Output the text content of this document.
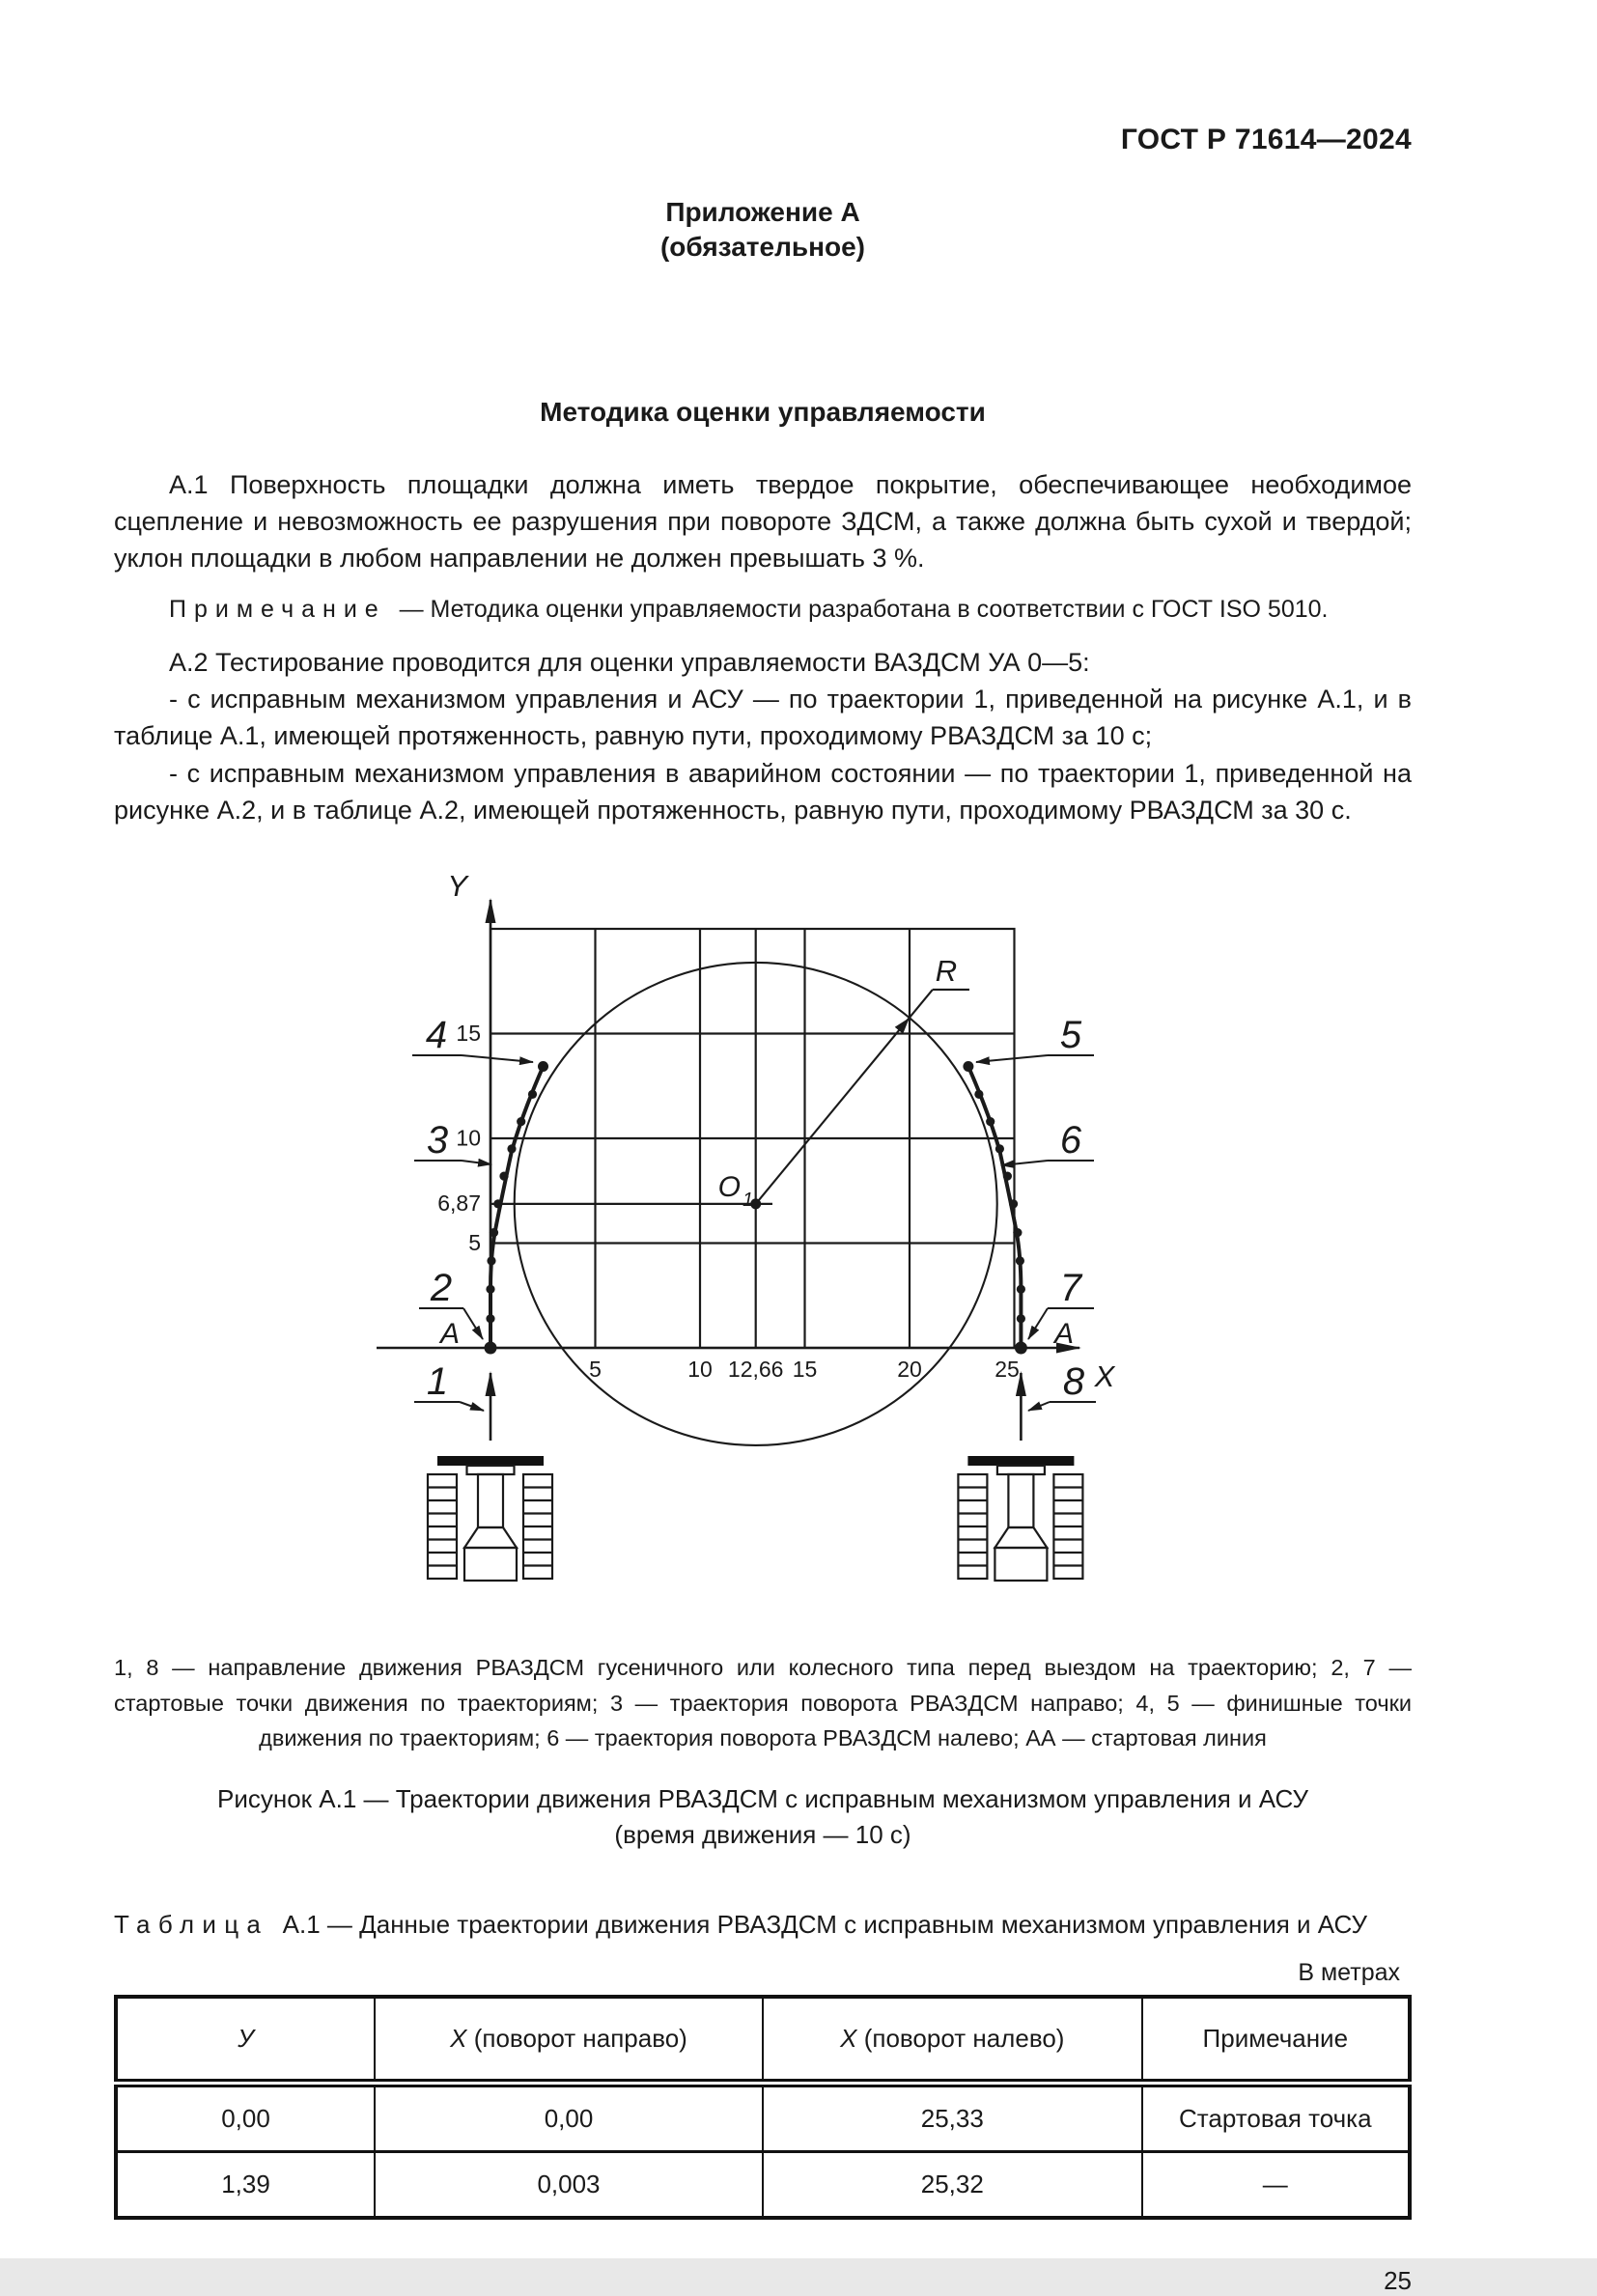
ГОСТ Р 71614—2024
Приложение А
(обязательное)
Методика оценки управляемости

А.1 Поверхность площадки должна иметь твердое покрытие, обеспечивающее необходимое сцепление и невозможность ее разрушения при повороте ЗДСМ, а также должна быть сухой и твердой; уклон площадки в любом направлении не должен превышать 3 %.

Примечание — Методика оценки управляемости разработана в соответствии с ГОСТ ISO 5010.

А.2 Тестирование проводится для оценки управляемости ВАЗДСМ УА 0—5:

- с исправным механизмом управления и АСУ — по траектории 1, приведенной на рисунке А.1, и в таблице А.1, имеющей протяженность, равную пути, проходимому РВАЗДСМ за 10 с;

- с исправным механизмом управления в аварийном состоянии — по траектории 1, приведенной на рисунке А.2, и в таблице А.2, имеющей протяженность, равную пути, проходимому РВАЗДСМ за 30 с.

Y
X
R
O 1
15
10
6,87
5
5	10 12,66 15	20	25
А	А
4
3
2
1
5
6
7
8

1, 8 — направление движения РВАЗДСМ гусеничного или колесного типа перед выездом на траекторию; 2, 7 — стартовые точки движения по траекториям; 3 — траектория поворота РВАЗДСМ направо; 4, 5 — финишные точки движения по траекториям; 6 — траектория поворота РВАЗДСМ налево; АА — стартовая линия

Рисунок А.1 — Траектории движения РВАЗДСМ с исправным механизмом управления и АСУ
(время движения — 10 с)

Таблица А.1 — Данные траектории движения РВАЗДСМ с исправным механизмом управления и АСУ

В метрах
У	X (поворот направо)	X (поворот налево)	Примечание
0,00	0,00	25,33	Стартовая точка
1,39	0,003	25,32	—
25
